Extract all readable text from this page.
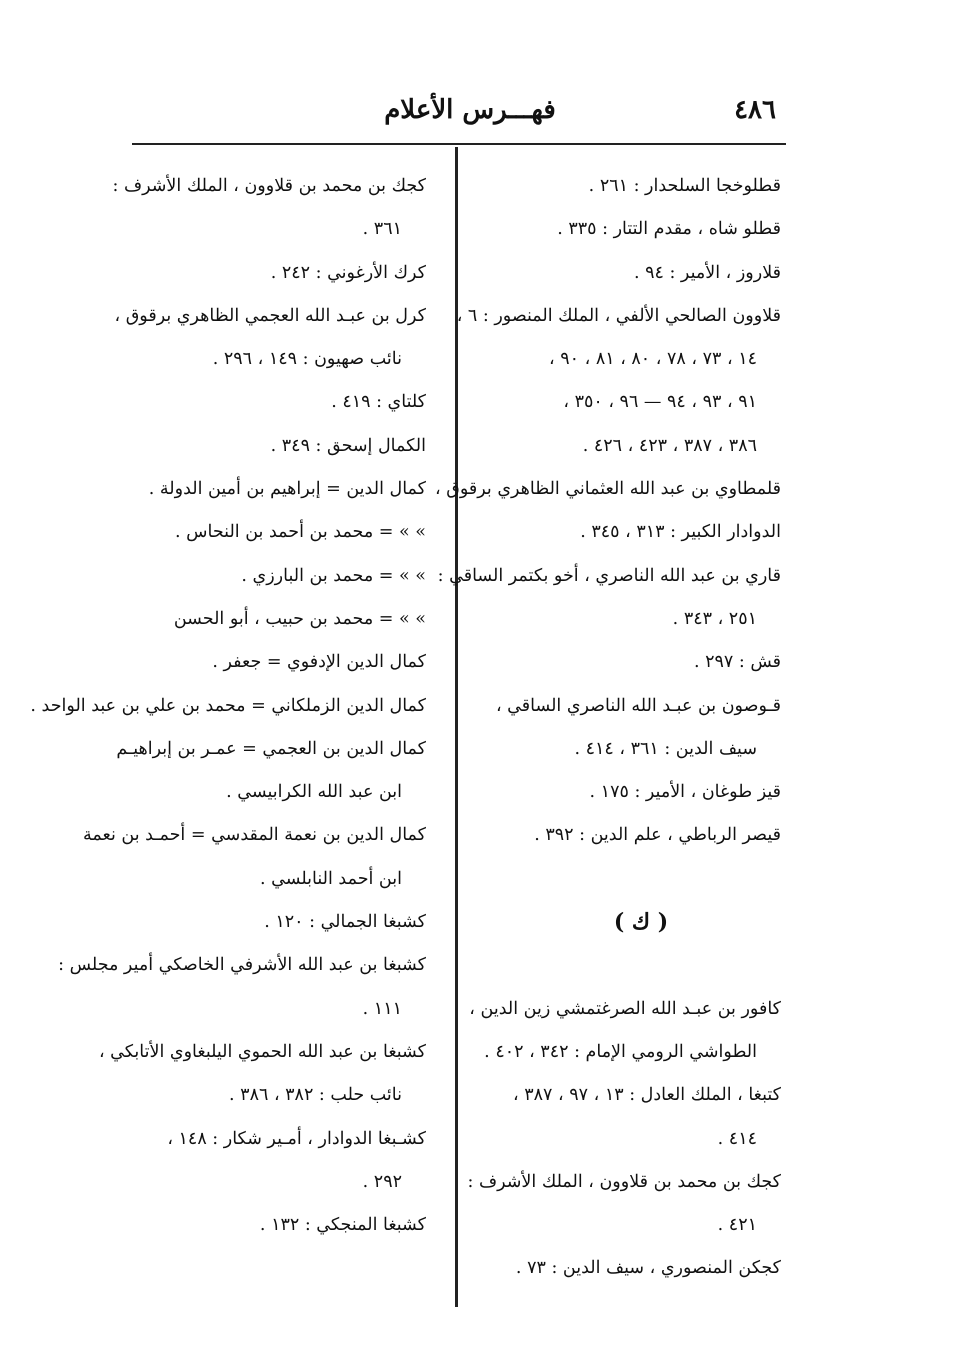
٤٨٦
فهـــرس الأعلام
قطلوخجا السلحدار : ٢٦١ .
قطلو شاه ، مقدم التتار : ٣٣٥ .
قلاروز ، الأمير : ٩٤ .
قلاوون الصالحي الألفي ، الملك المنصور : ٦ ،
١٤ ، ٧٣ ، ٧٨ ، ٨٠ ، ٨١ ، ٩٠ ،
٩١ ، ٩٣ ، ٩٤ — ٩٦ ، ٣٥٠ ،
٣٨٦ ، ٣٨٧ ، ٤٢٣ ، ٤٢٦ .
قلمطاوي بن عبد الله العثماني الظاهري برقوق ،
الدوادار الكبير : ٣١٣ ، ٣٤٥ .
قاري بن عبد الله الناصري ، أخو بكتمر الساقي :
٢٥١ ، ٣٤٣ .
قش : ٢٩٧ .
قـوصون بن عبـد الله الناصري الساقي ،
سيف الدين : ٣٦١ ، ٤١٤ .
قيز طوغان ، الأمير : ١٧٥ .
قيصر الرباطي ، علم الدين : ٣٩٢ .
( ك )
كافور بن عبـد الله الصرغتمشي زين الدين ،
الطواشي الرومي الإمام : ٣٤٢ ، ٤٠٢ .
كتبغا ، الملك العادل : ١٣ ، ٩٧ ، ٣٨٧ ،
٤١٤ .
كجك بن محمد بن قلاوون ، الملك الأشرف :
٤٢١ .
كجكن المنصوري ، سيف الدين : ٧٣ .
كجك بن محمد بن قلاوون ، الملك الأشرف :
٣٦١ .
كرك الأرغوني : ٢٤٢ .
كرل بن عبـد الله العجمي الظاهري برقوق ،
نائب صهيون : ١٤٩ ، ٢٩٦ .
كلتاي : ٤١٩ .
الكمال إسحق : ٣٤٩ .
كمال الدين = إبراهيم بن أمين الدولة .
» » = محمد بن أحمد بن النحاس .
» » = محمد بن البارزي .
» » = محمد بن حبيب ، أبو الحسن
كمال الدين الإدفوي = جعفر .
كمال الدين الزملكاني = محمد بن علي بن عبد الواحد .
كمال الدين بن العجمي = عمـر بن إبراهيـم
ابن عبد الله الكرابيسي .
كمال الدين بن نعمة المقدسي = أحمـد بن نعمة
ابن أحمد النابلسي .
كشبغا الجمالي : ١٢٠ .
كشبغا بن عبد الله الأشرفي الخاصكي أمير مجلس :
١١١ .
كشبغا بن عبد الله الحموي اليلبغاوي الأتابكي ،
نائب حلب : ٣٨٢ ، ٣٨٦ .
كشـبغا الدوادار ، أمـير شكار : ١٤٨ ،
٢٩٢ .
كشبغا المنجكي : ١٣٢ .
